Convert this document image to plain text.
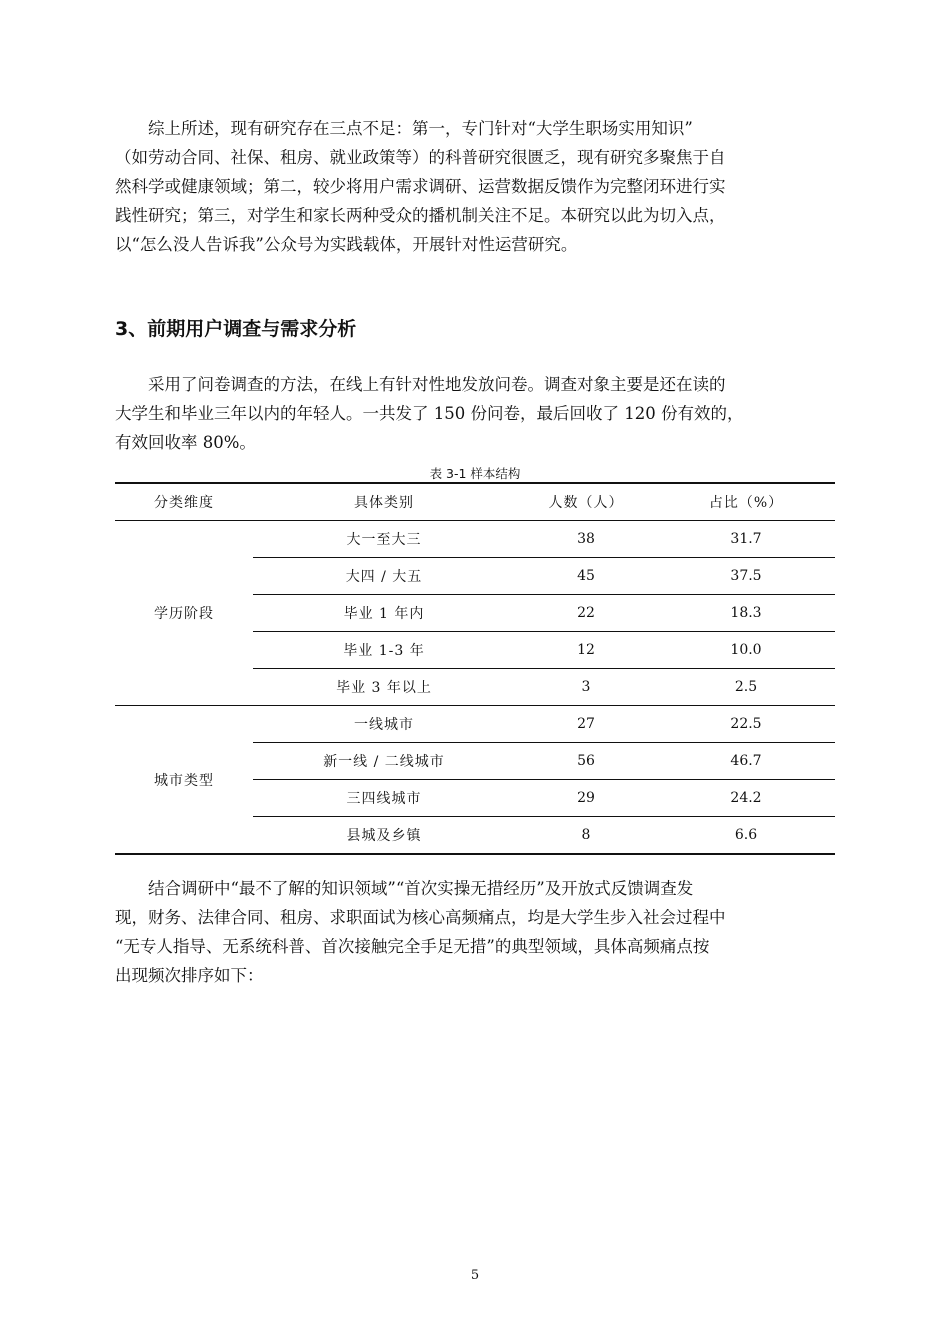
综上所述，现有研究存在三点不足：第一，专门针对“大学生职场实用知识”
（如劳动合同、社保、租房、就业政策等）的科普研究很匮乏，现有研究多聚焦于自
然科学或健康领域；第二，较少将用户需求调研、运营数据反馈作为完整闭环进行实
践性研究；第三，对学生和家长两种受众的播机制关注不足。本研究以此为切入点，
以“怎么没人告诉我”公众号为实践载体，开展针对性运营研究。
3、前期用户调查与需求分析
采用了问卷调查的方法，在线上有针对性地发放问卷。调查对象主要是还在读的
大学生和毕业三年以内的年轻人。一共发了 150 份问卷，最后回收了 120 份有效的，
有效回收率 80%。
表 3-1 样本结构
分类维度	具体类别	人数（人）	占比（%）
学历阶段	大一至大三	38	31.7
	大四 / 大五	45	37.5
	毕业 1 年内	22	18.3
	毕业 1-3 年	12	10.0
	毕业 3 年以上	3	2.5
城市类型	一线城市	27	22.5
	新一线 / 二线城市	56	46.7
	三四线城市	29	24.2
	县城及乡镇	8	6.6
结合调研中“最不了解的知识领域”“首次实操无措经历”及开放式反馈调查发
现，财务、法律合同、租房、求职面试为核心高频痛点，均是大学生步入社会过程中
“无专人指导、无系统科普、首次接触完全手足无措”的典型领域，具体高频痛点按
出现频次排序如下：
5
